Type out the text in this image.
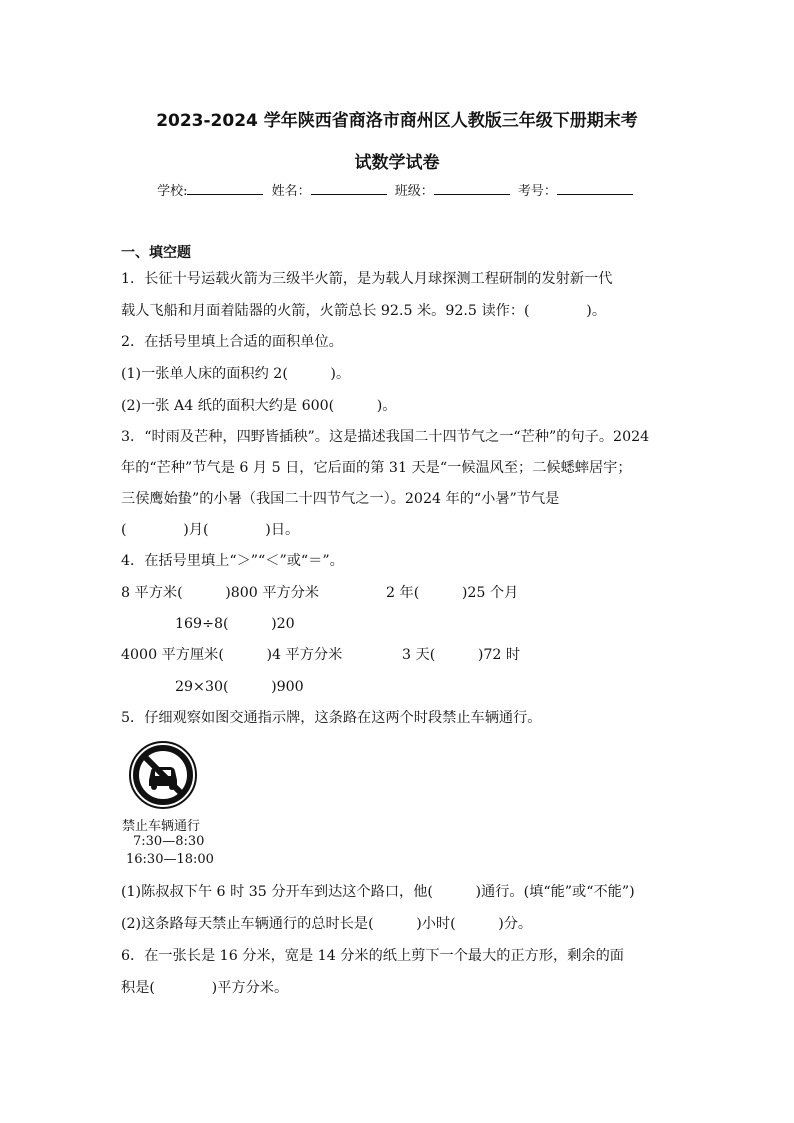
2023-2024 学年陕西省商洛市商州区人教版三年级下册期末考
试数学试卷
学校:	姓名：	班级：	考号：
一、填空题
1．长征十号运载火箭为三级半火箭，是为载人月球探测工程研制的发射新一代
载人飞船和月面着陆器的火箭，火箭总长 92.5 米。92.5 读作：(　　　　)。
2．在括号里填上合适的面积单位。
(1)一张单人床的面积约 2(　　　)。
(2)一张 A4 纸的面积大约是 600(　　　)。
3．“时雨及芒种，四野皆插秧”。这是描述我国二十四节气之一“芒种”的句子。2024
年的“芒种”节气是 6 月 5 日，它后面的第 31 天是“一候温风至；二候蟋蟀居宇；
三侯鹰始蛰”的小暑（我国二十四节气之一）。2024 年的“小暑”节气是
(　　　　)月(　　　　)日。
4．在括号里填上“＞”“＜”或“＝”。
8 平方米(　　　)800 平方分米	2 年(　　　)25 个月
169÷8(　　　)20
4000 平方厘米(　　　)4 平方分米	3 天(　　　)72 时
29×30(　　　)900
5．仔细观察如图交通指示牌，这条路在这两个时段禁止车辆通行。
禁止车辆通行
7:30—8:30
16:30—18:00
(1)陈叔叔下午 6 时 35 分开车到达这个路口，他(　　　)通行。(填“能”或“不能”)
(2)这条路每天禁止车辆通行的总时长是(　　　)小时(　　　)分。
6．在一张长是 16 分米，宽是 14 分米的纸上剪下一个最大的正方形，剩余的面
积是(　　　　)平方分米。
